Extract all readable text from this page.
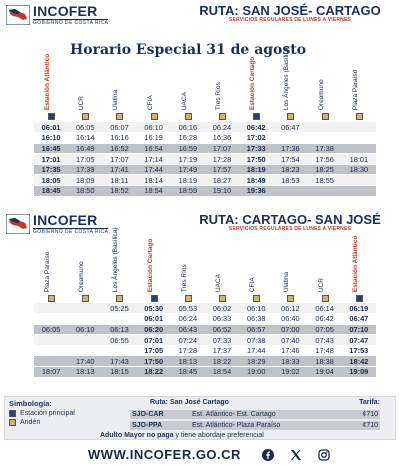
INCOFER
GOBIERNO DE COSTA RICA
RUTA: SAN JOSÉ- CARTAGO
SERVICIOS REGULARES DE LUNES A VIERNES
Horario Especial 31 de agosto
Estación Atlántico	UCR	Ulatina	CFIA	UACA	Tres Ríos	Estación Cartago	Los Ángeles (Basílica)	Oreamuno	Plaza Paraíso
06:01	06:05	06:07	06:10	06:16	06:24	06:42	06:47		
16:10	16:14	16:16	16:19	16:28	16:36	17:02			
16:45	16:49	16:52	16:54	16:59	17:07	17:33	17:36	17:38	
17:01	17:05	17:07	17:14	17:19	17:28	17:50	17:54	17:56	18:01
17:35	17:39	17:41	17:44	17:49	17:57	18:19	18:23	18:25	18:30
18:05	18:09	18:11	18:14	18:19	18:27	18:49	18:53	18:55	
18:45	18:50	18:52	18:54	18:59	19:10	19:36			
INCOFER
GOBIERNO DE COSTA RICA
RUTA: CARTAGO- SAN JOSÉ
SERVICIOS REGULARES DE LUNES A VIERNES
Plaza Paraíso	Oreamuno	Los Ángeles (Basílica)	Estación Cartago	Tres Ríos	UACA	CFIA	Ulatina	UCR	Estación Atlántico
		05:25	05:30	05:53	06:02	06:10	06:12	06:14	06:19
			06:01	06:24	06:33	06:38	06:40	06:42	06:47
06:05	06:10	06:13	06:20	06:43	06:52	06:57	07:00	07:05	07:10
		06:55	07:01	07:24	07:33	07:38	07:40	07:43	07:47
			17:05	17:28	17:37	17:44	17:46	17:48	17:53
	17:40	17:43	17:50	18:13	18:22	18:29	18:33	18:38	18:42
18:07	18:13	18:15	18:22	18:45	18:54	19:00	19:02	19:04	19:09
Simbología:
Estación principal
Andén
Ruta: San José Cartago	Tarifa:
SJO-CAR	Est. Atlántico- Est. Cartago	¢710
SJO-PPA	Est. Atlántico- Plaza Paraíso	¢710
Adulto Mayor no paga y tiene abordaje preferencial
WWW.INCOFER.GO.CR
